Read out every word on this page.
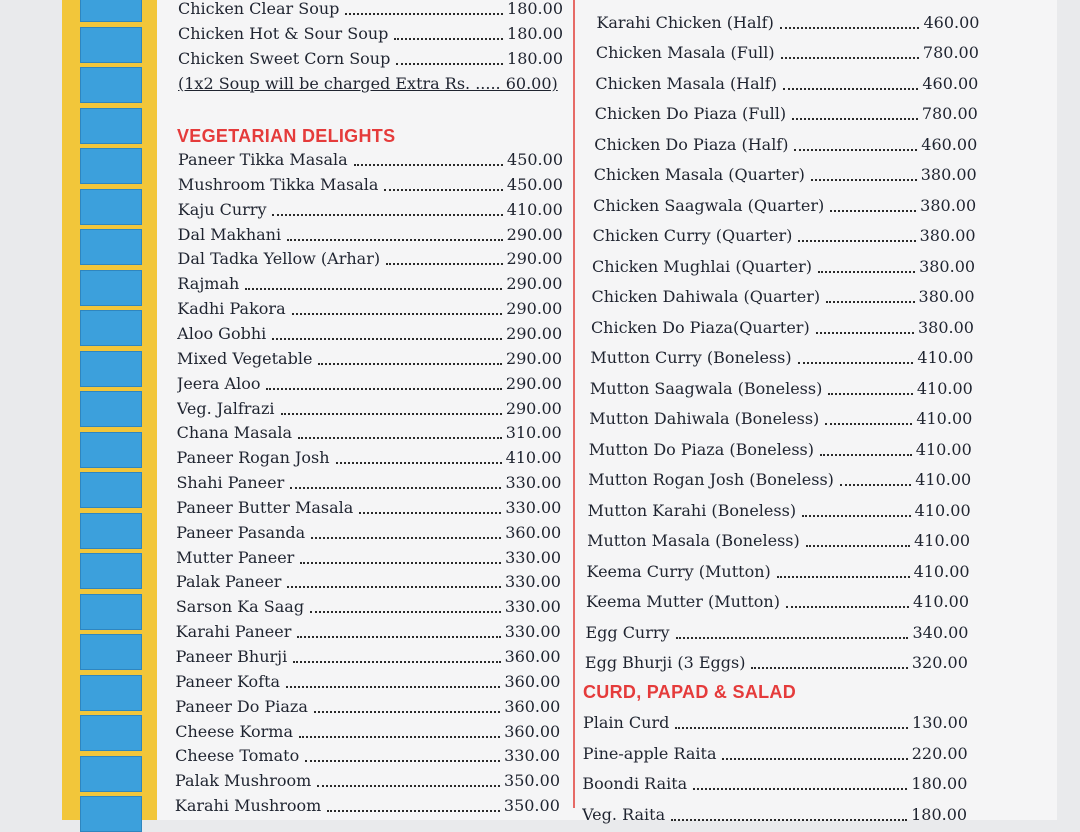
Chicken Clear Soup	180.00
Chicken Hot & Sour Soup	180.00
Chicken Sweet Corn Soup	180.00
(1x2 Soup will be charged Extra Rs. ..... 60.00)
VEGETARIAN DELIGHTS
Paneer Tikka Masala	450.00
Mushroom Tikka Masala	450.00
Kaju Curry	410.00
Dal Makhani	290.00
Dal Tadka Yellow (Arhar)	290.00
Rajmah	290.00
Kadhi Pakora	290.00
Aloo Gobhi	290.00
Mixed Vegetable	290.00
Jeera Aloo	290.00
Veg. Jalfrazi	290.00
Chana Masala	310.00
Paneer Rogan Josh	410.00
Shahi Paneer	330.00
Paneer Butter Masala	330.00
Paneer Pasanda	360.00
Mutter Paneer	330.00
Palak Paneer	330.00
Sarson Ka Saag	330.00
Karahi Paneer	330.00
Paneer Bhurji	360.00
Paneer Kofta	360.00
Paneer Do Piaza	360.00
Cheese Korma	360.00
Cheese Tomato	330.00
Palak Mushroom	350.00
Karahi Mushroom	350.00
Karahi Chicken (Half)	460.00
Chicken Masala (Full)	780.00
Chicken Masala (Half)	460.00
Chicken Do Piaza (Full)	780.00
Chicken Do Piaza (Half)	460.00
Chicken Masala (Quarter)	380.00
Chicken Saagwala (Quarter)	380.00
Chicken Curry (Quarter)	380.00
Chicken Mughlai (Quarter)	380.00
Chicken Dahiwala (Quarter)	380.00
Chicken Do Piaza(Quarter)	380.00
Mutton Curry (Boneless)	410.00
Mutton Saagwala (Boneless)	410.00
Mutton Dahiwala (Boneless)	410.00
Mutton Do Piaza (Boneless)	410.00
Mutton Rogan Josh (Boneless)	410.00
Mutton Karahi (Boneless)	410.00
Mutton Masala (Boneless)	410.00
Keema Curry (Mutton)	410.00
Keema Mutter (Mutton)	410.00
Egg Curry	340.00
Egg Bhurji (3 Eggs)	320.00
CURD, PAPAD & SALAD
Plain Curd	130.00
Pine-apple Raita	220.00
Boondi Raita	180.00
Veg. Raita	180.00
